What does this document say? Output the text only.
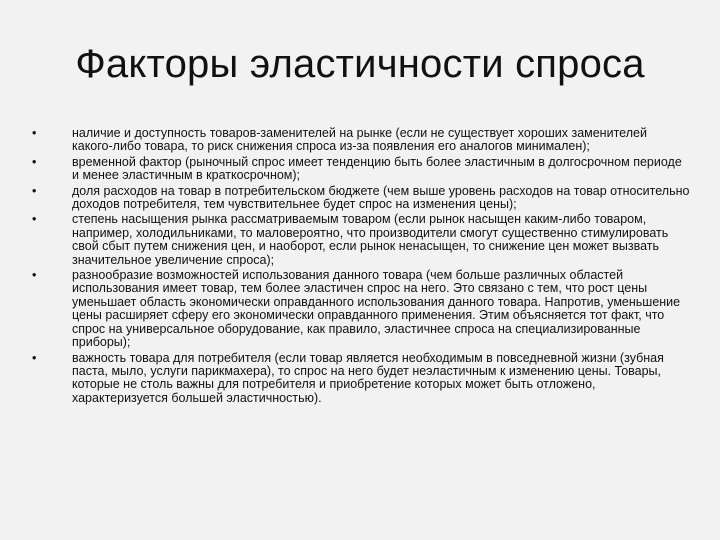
Факторы эластичности спроса
•	наличие и доступность товаров-заменителей на рынке (если не существует хороших заменителей какого-либо товара, то риск снижения спроса из-за появления его аналогов минимален);
•	временной фактор (рыночный спрос имеет тенденцию быть более эластичным в долгосрочном периоде и менее эластичным в краткосрочном);
•	доля расходов на товар в потребительском бюджете (чем выше уровень расходов на товар относительно доходов потребителя, тем чувствительнее будет спрос на изменения цены);
•	степень насыщения рынка рассматриваемым товаром (если рынок насыщен каким-либо товаром, например, холодильниками, то маловероятно, что производители смогут существенно стимулировать свой сбыт путем снижения цен, и наоборот, если рынок ненасыщен, то снижение цен может вызвать значительное увеличение спроса);
•	разнообразие возможностей использования данного товара (чем больше различных областей использования имеет товар, тем более эластичен спрос на него. Это связано с тем, что рост цены уменьшает область экономически оправданного использования данного товара. Напротив, уменьшение цены расширяет сферу его экономически оправданного применения. Этим объясняется тот факт, что спрос на универсальное оборудование, как правило, эластичнее спроса на специализированные приборы);
•	важность товара для потребителя (если товар является необходимым в повседневной жизни (зубная паста, мыло, услуги парикмахера), то спрос на него будет неэластичным к изменению цены. Товары, которые не столь важны для потребителя и приобретение которых может быть отложено, характеризуется большей эластичностью).
